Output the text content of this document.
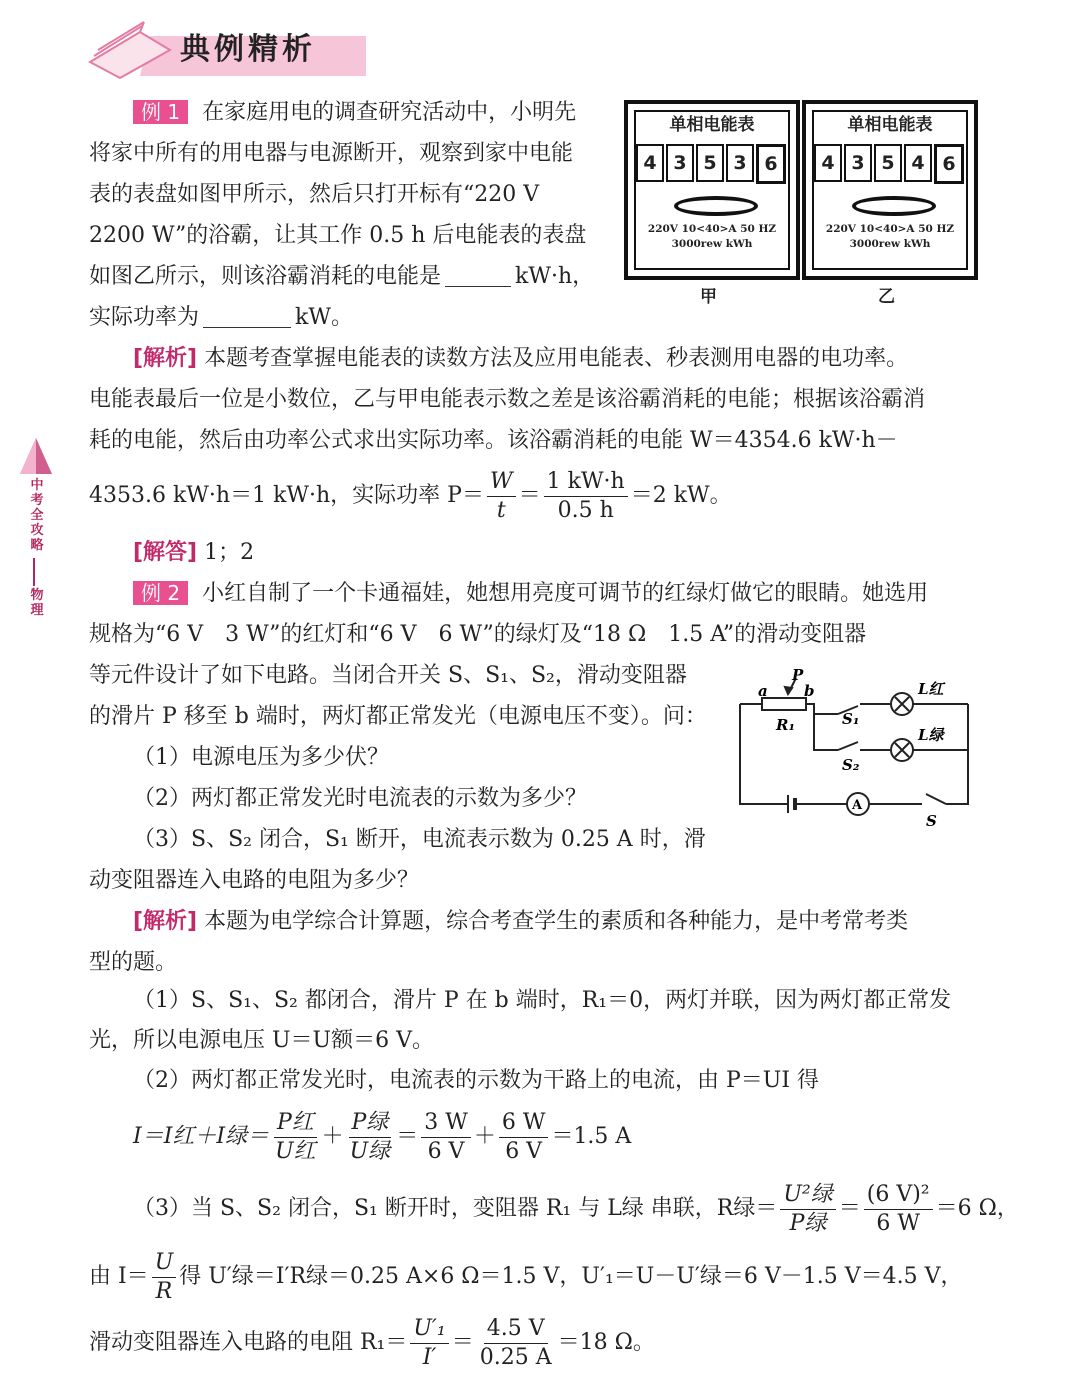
典例精析
中考全攻略
物理
例 1 在家庭用电的调查研究活动中，小明先
将家中所有的用电器与电源断开，观察到家中电能
表的表盘如图甲所示，然后只打开标有“220 V
2200 W”的浴霸，让其工作 0.5 h 后电能表的表盘
如图乙所示，则该浴霸消耗的电能是	kW·h，
实际功率为	kW。
单相电能表
4 3 5 3 6
220V 10<40>A 50 HZ
3000rew kWh
甲
单相电能表
4 3 5 4 6
220V 10<40>A 50 HZ
3000rew kWh
乙
[解析] 本题考查掌握电能表的读数方法及应用电能表、秒表测用电器的电功率。
电能表最后一位是小数位，乙与甲电能表示数之差是该浴霸消耗的电能；根据该浴霸消
耗的电能，然后由功率公式求出实际功率。该浴霸消耗的电能 W＝4354.6 kW·h－
4353.6 kW·h＝1 kW·h，实际功率 $P= \frac{W}{t} = \frac{1 kW\cdot h}{0.5 h} =2$ kW。
[解答] 1；2
例 2 小红自制了一个卡通福娃，她想用亮度可调节的红绿灯做它的眼睛。她选用
规格为“6 V　3 W”的红灯和“6 V　6 W”的绿灯及“18 Ω　1.5 A”的滑动变阻器
等元件设计了如下电路。当闭合开关 S、S₁、S₂，滑动变阻器
的滑片 P 移至 b 端时，两灯都正常发光（电源电压不变）。问：
（1）电源电压为多少伏？
（2）两灯都正常发光时电流表的示数为多少？
（3）S、S₂ 闭合，S₁ 断开，电流表示数为 0.25 A 时，滑
动变阻器连入电路的电阻为多少？
a
P
b
R₁	S₁
S₂
L红
L绿
A
S
[解析] 本题为电学综合计算题，综合考查学生的素质和各种能力，是中考常考类
型的题。
（1）S、S₁、S₂ 都闭合，滑片 P 在 b 端时，R₁＝0，两灯并联，因为两灯都正常发
光，所以电源电压 U＝U额＝6 V。
（2）两灯都正常发光时，电流表的示数为干路上的电流，由 P＝UI 得
I＝I红＋I绿＝ $\frac{\text{P红}}{\text{U红}} + \frac{\text{P绿}}{\text{U绿}} = \frac{3 W}{6 V} + \frac{6 W}{6 V} =1.5$ A
（3）当 S、S₂ 闭合，S₁ 断开时，变阻器 R₁ 与 L绿 串联，R绿＝ $\frac{\text{U²绿}}{\text{P绿}} = \frac{\text{(6 V)²}}{6 W} =6$ Ω，
由 $I= \frac{U}{R}$ 得 U′绿＝I′R绿＝0.25 A×6 Ω＝1.5 V，U′₁＝U－U′绿＝6 V－1.5 V＝4.5 V，
滑动变阻器连入电路的电阻 $R_1= \frac{\text{U′₁}}{I'} = \frac{4.5 V}{0.25 A} =18$ Ω。
